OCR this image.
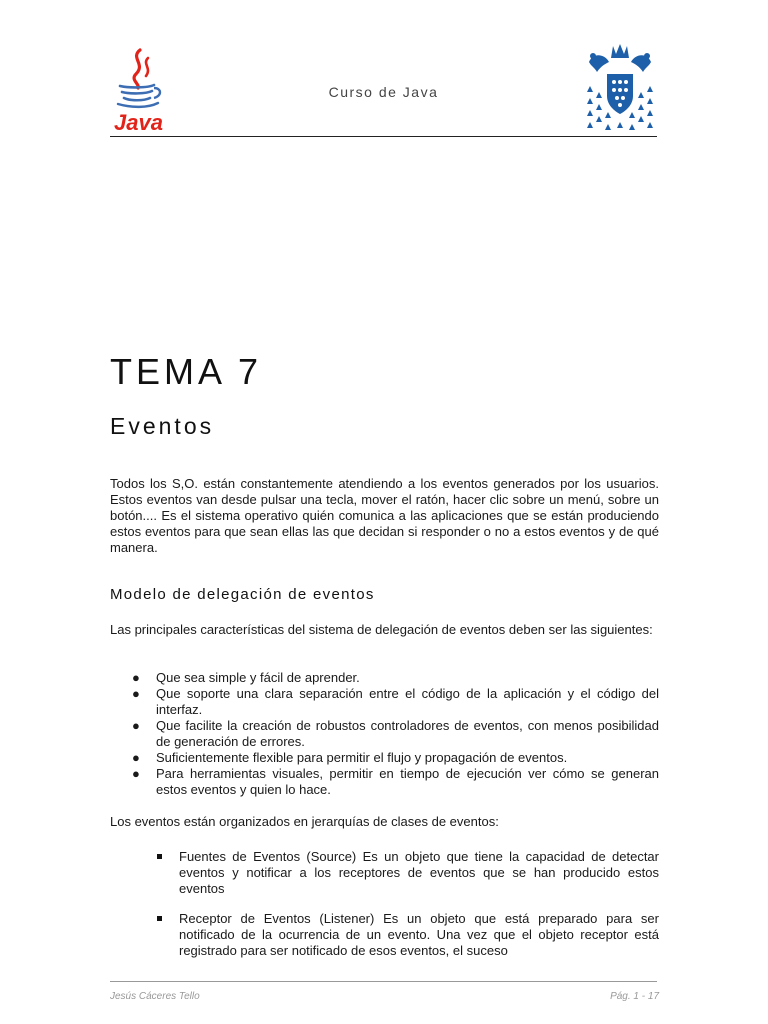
Java
Curso de Java
TEMA 7
Eventos
Todos los S,O. están constantemente atendiendo a los eventos generados por los usuarios. Estos eventos van desde pulsar una tecla, mover el ratón, hacer clic sobre un menú, sobre un botón.... Es el sistema operativo quién comunica a las aplicaciones que se están produciendo estos eventos para que sean ellas las que decidan si responder o no a estos eventos y de qué manera.
Modelo de delegación de eventos
Las principales características del sistema de delegación de eventos deben ser las siguientes:
● Que sea simple y fácil de aprender.
● Que soporte una clara separación entre el código de la aplicación y el código del interfaz.
● Que facilite la creación de robustos controladores de eventos, con menos posibilidad de generación de errores.
● Suficientemente flexible para permitir el flujo y propagación de eventos.
● Para herramientas visuales, permitir en tiempo de ejecución ver cómo se generan estos eventos y quien lo hace.
Los eventos están organizados en jerarquías de clases de eventos:
Fuentes de Eventos (Source) Es un objeto que tiene la capacidad de detectar eventos y notificar a los receptores de eventos que se han producido estos eventos
Receptor de Eventos (Listener) Es un objeto que está preparado para ser notificado de la ocurrencia de un evento. Una vez que el objeto receptor está registrado para ser notificado de esos eventos, el suceso
Jesús Cáceres Tello	Pág. 1 - 17
